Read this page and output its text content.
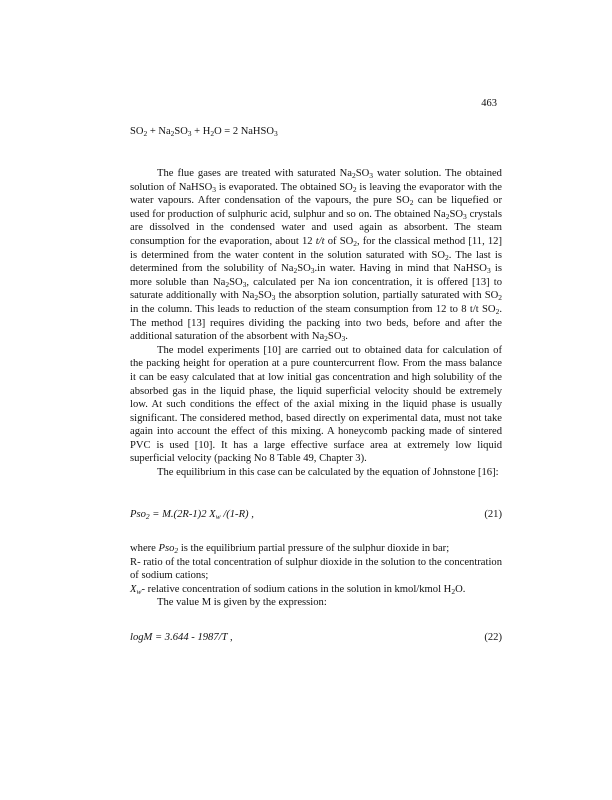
463
$SO_2 + Na_2SO_3 + H_2O = 2$ NaHSO$_3$

The flue gases are treated with saturated $Na_2SO_3$ water solution. The obtained solution of NaHSO$_3$ is evaporated. The obtained $SO_2$ is leaving the evaporator with the water vapours. After condensation of the vapours, the pure $SO_2$ can be liquefied or used for production of sulphuric acid, sulphur and so on. The obtained $Na_2SO_3$ crystals are dissolved in the condensed water and used again as absorbent. The steam consumption for the evaporation, about 12 t/t of $SO_2$, for the classical method [11, 12] is determined from the water content in the solution saturated with $SO_2$. The last is determined from the solubility of $Na_2SO_3.in$ water. Having in mind that NaHSO$_3$ is more soluble than $Na_2SO_3$, calculated per Na ion concentration, it is offered [13] to saturate additionally with $Na_2SO_3$ the absorption solution, partially saturated with $SO_2$ in the column. This leads to reduction of the steam consumption from 12 to 8 t/t $SO_2$. The method [13] requires dividing the packing into two beds, before and after the additional saturation of the absorbent with $Na_2SO_3$.

The model experiments [10] are carried out to obtained data for calculation of the packing height for operation at a pure countercurrent flow. From the mass balance it can be easy calculated that at low initial gas concentration and high solubility of the absorbed gas in the liquid phase, the liquid superficial velocity should be extremely low. At such conditions the effect of the axial mixing in the liquid phase is usually significant. The considered method, based directly on experimental data, must not take again into account the effect of this mixing. A honeycomb packing made of sintered PVC is used [10]. It has a large effective surface area at extremely low liquid superficial velocity (packing No 8 Table 49, Chapter 3).

The equilibrium in this case can be calculated by the equation of Johnstone [16]:

Pso$_2$ = M.(2R-1)2 $X_w$ /(1-R) ,	(21)
where Pso$_2$ is the equilibrium partial pressure of the sulphur dioxide in bar;
R- ratio of the total concentration of sulphur dioxide in the solution to the concentration of sodium cations;
$X_w-$ relative concentration of sodium cations in the solution in kmol/kmol $H_2O$.
The value M is given by the expression:
logM = 3.644 - 1987/T ,	(22)
